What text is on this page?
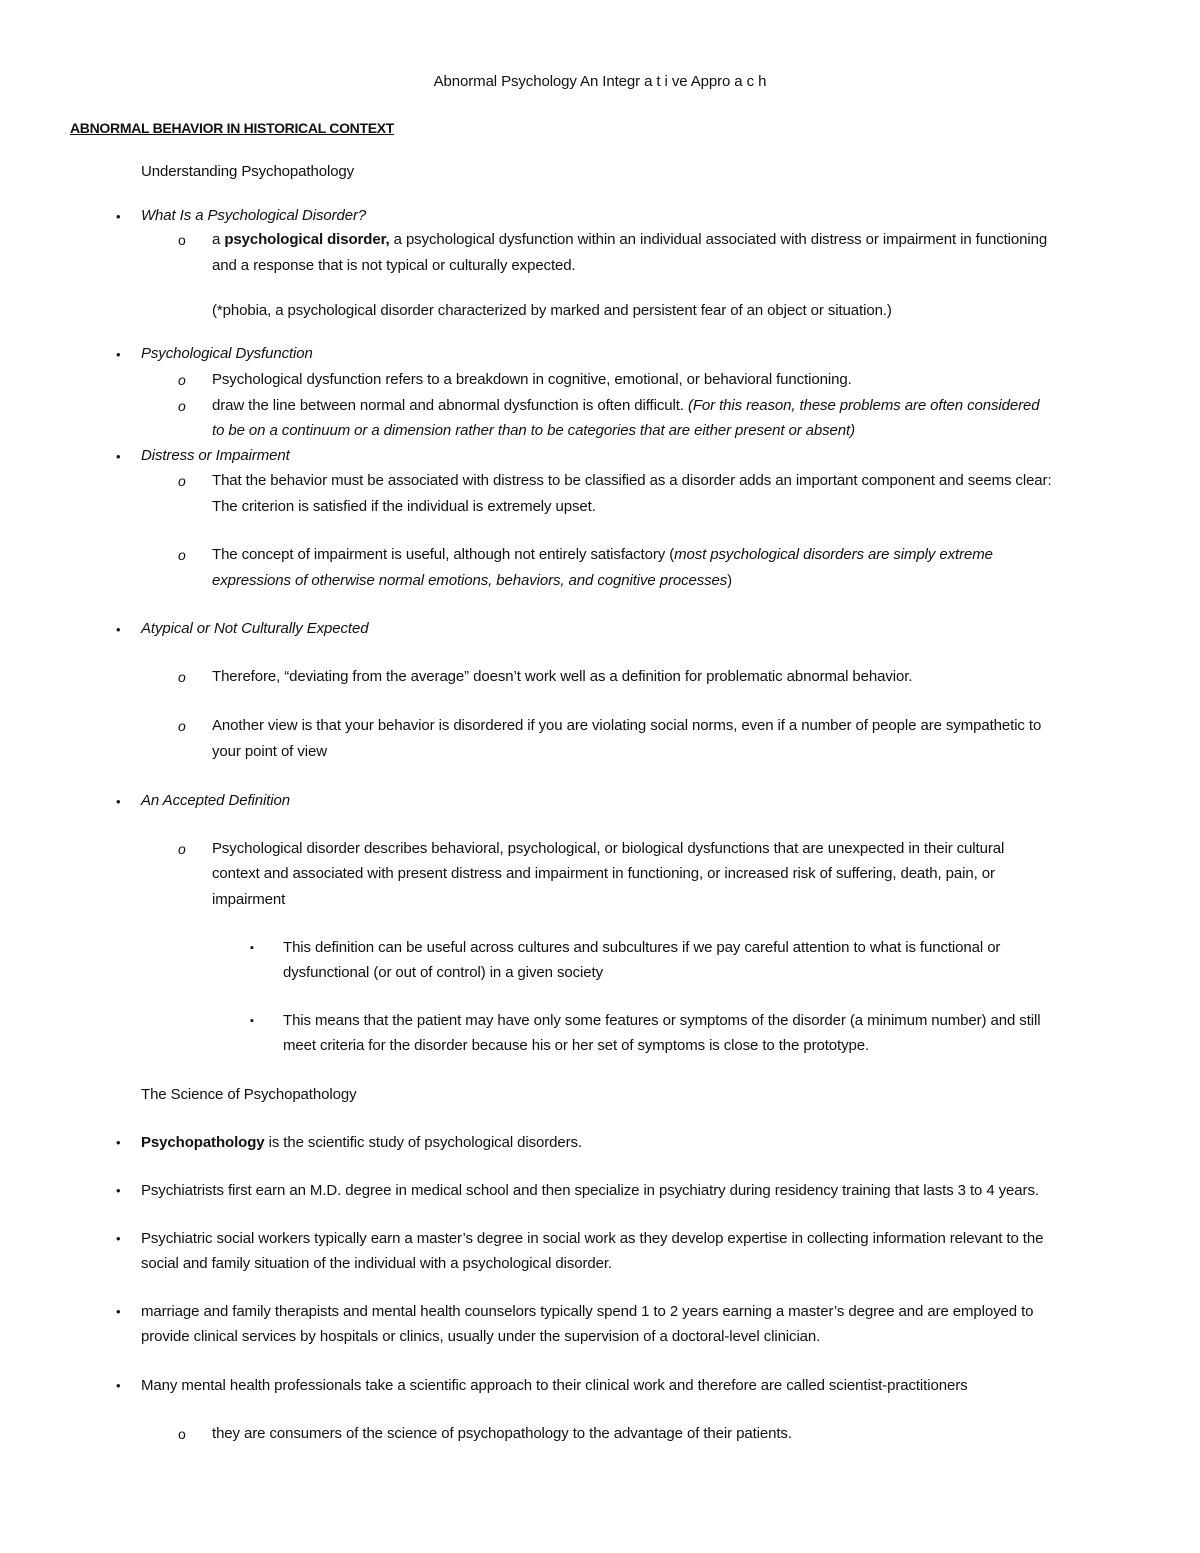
Abnormal Psychology An Integr a t i ve Appro a c h
ABNORMAL BEHAVIOR IN HISTORICAL CONTEXT
Understanding Psychopathology
• What Is a Psychological Disorder?
o a psychological disorder, a psychological dysfunction within an individual associated with distress or impairment in functioning
and a response that is not typical or culturally expected.
(*phobia, a psychological disorder characterized by marked and persistent fear of an object or situation.)
• Psychological Dysfunction
o Psychological dysfunction refers to a breakdown in cognitive, emotional, or behavioral functioning.
o draw the line between normal and abnormal dysfunction is often difficult. (For this reason, these problems are often considered
to be on a continuum or a dimension rather than to be categories that are either present or absent)
• Distress or Impairment
o That the behavior must be associated with distress to be classified as a disorder adds an important component and seems clear:
The criterion is satisfied if the individual is extremely upset.
o The concept of impairment is useful, although not entirely satisfactory (most psychological disorders are simply extreme
expressions of otherwise normal emotions, behaviors, and cognitive processes)
• Atypical or Not Culturally Expected
o Therefore, “deviating from the average” doesn’t work well as a definition for problematic abnormal behavior.
o Another view is that your behavior is disordered if you are violating social norms, even if a number of people are sympathetic to
your point of view
• An Accepted Definition
o Psychological disorder describes behavioral, psychological, or biological dysfunctions that are unexpected in their cultural
context and associated with present distress and impairment in functioning, or increased risk of suffering, death, pain, or
impairment
▪ This definition can be useful across cultures and subcultures if we pay careful attention to what is functional or
dysfunctional (or out of control) in a given society
▪ This means that the patient may have only some features or symptoms of the disorder (a minimum number) and still
meet criteria for the disorder because his or her set of symptoms is close to the prototype.
The Science of Psychopathology
• Psychopathology is the scientific study of psychological disorders.
• Psychiatrists first earn an M.D. degree in medical school and then specialize in psychiatry during residency training that lasts 3 to 4 years.
• Psychiatric social workers typically earn a master’s degree in social work as they develop expertise in collecting information relevant to the
social and family situation of the individual with a psychological disorder.
• marriage and family therapists and mental health counselors typically spend 1 to 2 years earning a master’s degree and are employed to
provide clinical services by hospitals or clinics, usually under the supervision of a doctoral-level clinician.
• Many mental health professionals take a scientific approach to their clinical work and therefore are called scientist-practitioners
o they are consumers of the science of psychopathology to the advantage of their patients.
